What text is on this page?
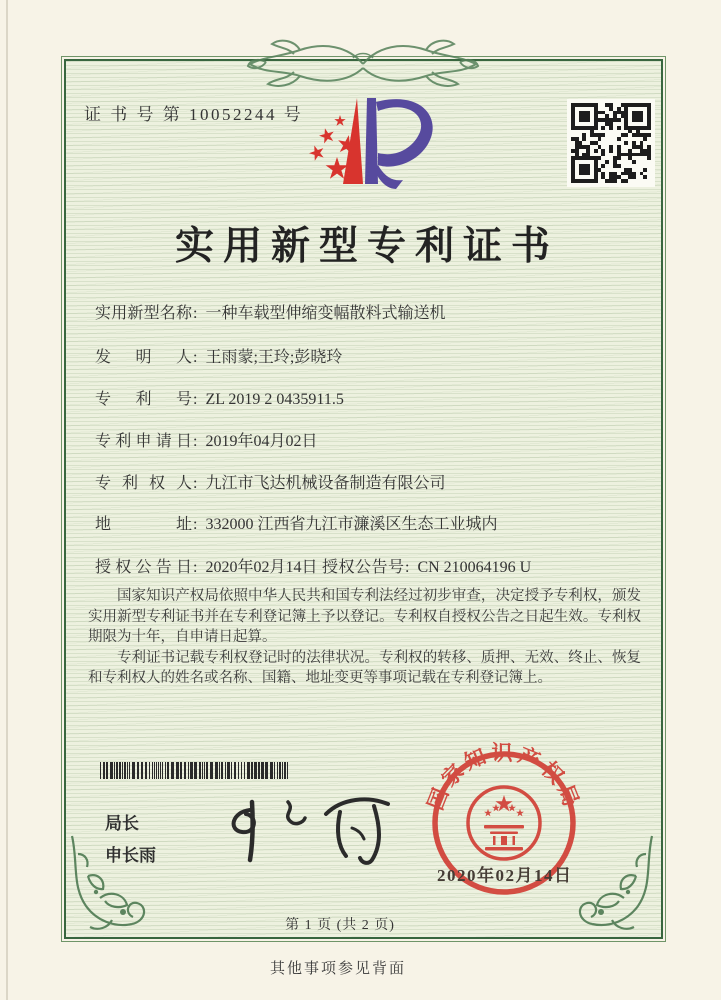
证 书 号 第 10052244 号
实用新型专利证书
实用新型名称: 一种车载型伸缩变幅散料式输送机
发明人: 王雨蒙;王玲;彭晓玲
专利号: ZL 2019 2 0435911.5
专利申请日: 2019年04月02日
专利权人: 九江市飞达机械设备制造有限公司
地址: 332000 江西省九江市濂溪区生态工业城内
授权公告日: 2020年02月14日 授权公告号: CN 210064196 U

国家知识产权局依照中华人民共和国专利法经过初步审查，决定授予专利权，颁发实用新型专利证书并在专利登记簿上予以登记。专利权自授权公告之日起生效。专利权期限为十年，自申请日起算。

专利证书记载专利权登记时的法律状况。专利权的转移、质押、无效、终止、恢复和专利权人的姓名或名称、国籍、地址变更等事项记载在专利登记簿上。

局长
申长雨
国家知识产权局
2020年02月14日
第 1 页 (共 2 页)
其他事项参见背面
